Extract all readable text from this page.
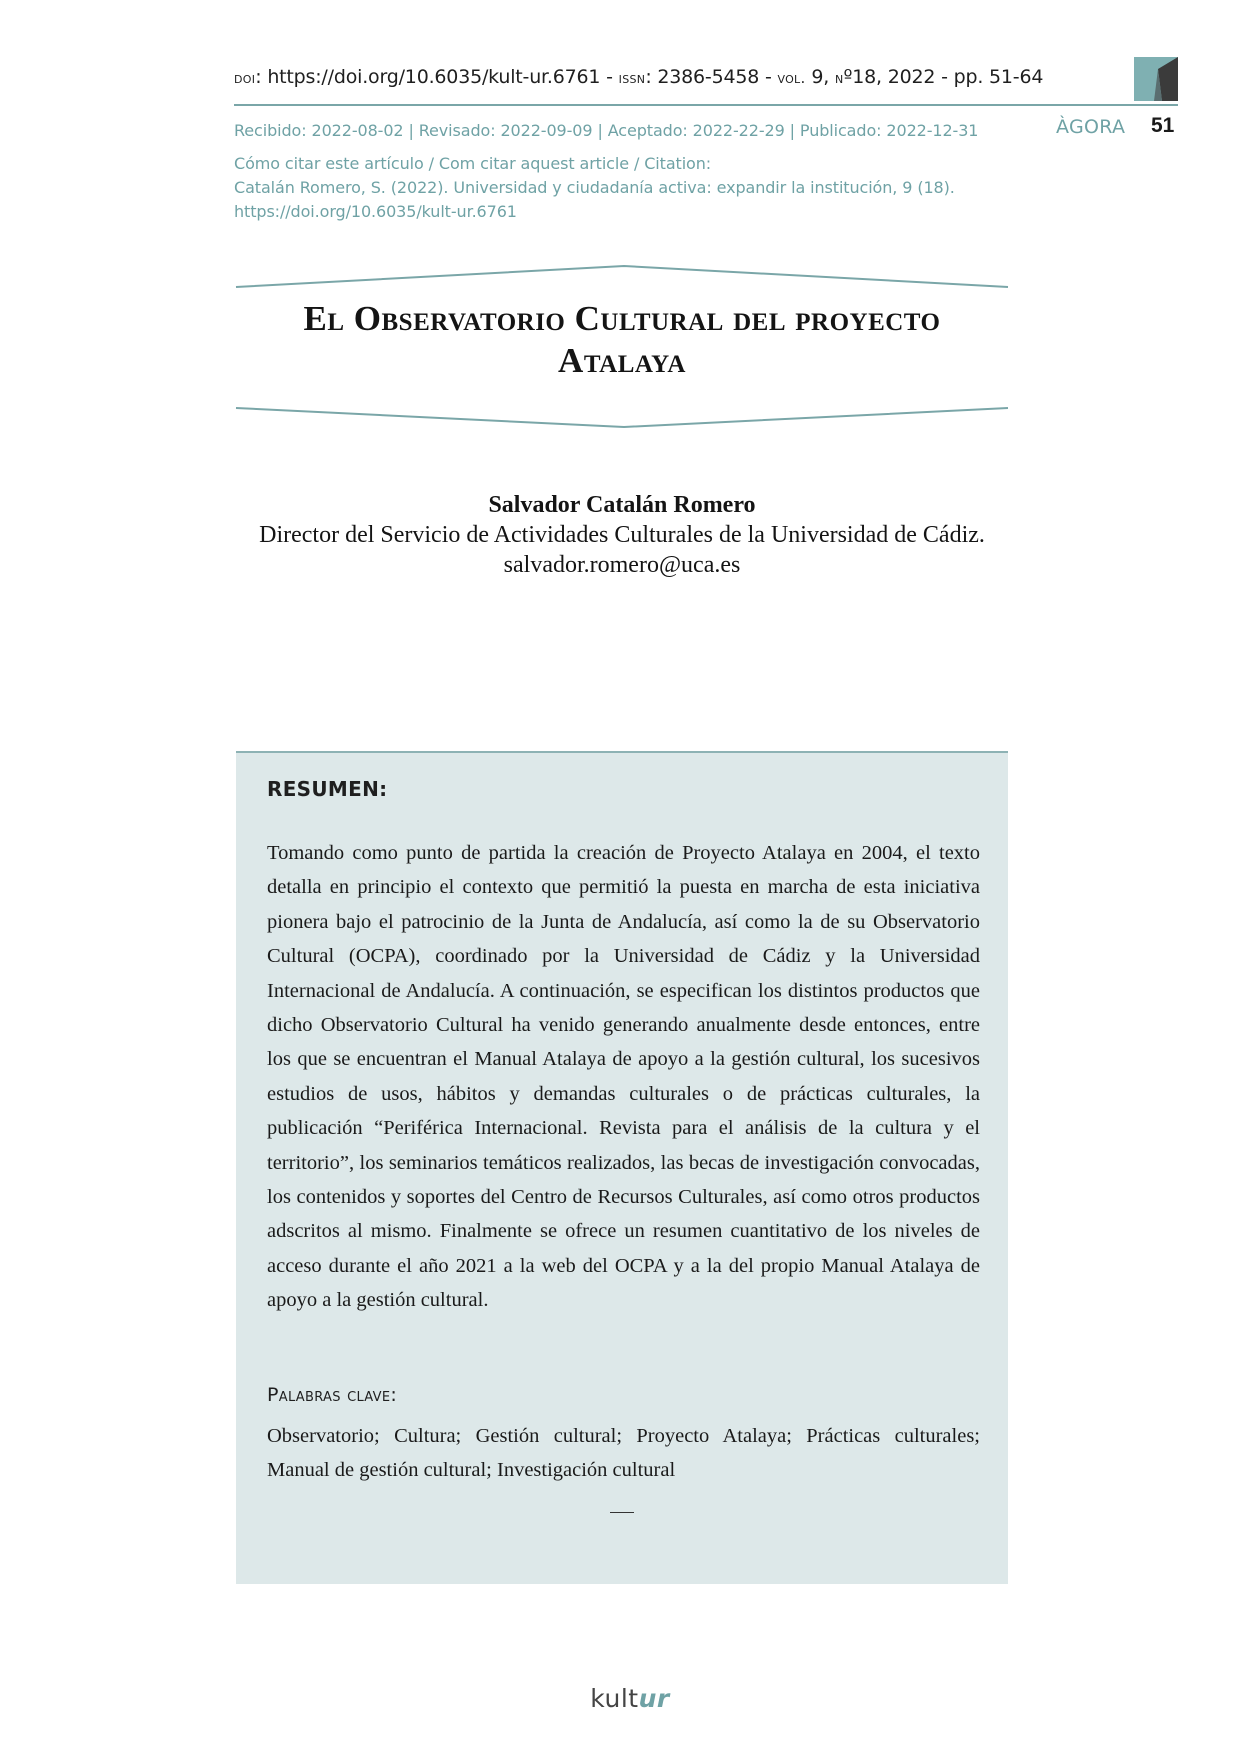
doi: https://doi.org/10.6035/kult-ur.6761 - issn: 2386-5458 - vol. 9, nº18, 2022 - pp. 51-64
ÀGORA 51
Recibido: 2022-08-02 | Revisado: 2022-09-09 | Aceptado: 2022-22-29 | Publicado: 2022-12-31
Cómo citar este artículo / Com citar aquest article / Citation:
Catalán Romero, S. (2022). Universidad y ciudadanía activa: expandir la institución, 9 (18). https://doi.org/10.6035/kult-ur.6761
El Observatorio Cultural del proyecto
Atalaya
Salvador Catalán Romero
Director del Servicio de Actividades Culturales de la Universidad de Cádiz.
salvador.romero@uca.es
RESUMEN:
Tomando como punto de partida la creación de Proyecto Atalaya en 2004, el texto detalla en principio el contexto que permitió la puesta en marcha de esta iniciativa pionera bajo el patrocinio de la Junta de Andalucía, así como la de su Observatorio Cultural (OCPA), coordinado por la Universidad de Cádiz y la Universidad Internacional de Andalucía. A continuación, se especifican los distintos productos que dicho Observatorio Cultural ha venido generando anualmente desde entonces, entre los que se encuentran el Manual Atalaya de apoyo a la gestión cultural, los sucesivos estudios de usos, hábitos y demandas culturales o de prácticas culturales, la publicación “Periférica Internacional. Revista para el análisis de la cultura y el territorio”, los seminarios temáticos realizados, las becas de investigación convocadas, los contenidos y soportes del Centro de Recursos Culturales, así como otros productos adscritos al mismo. Finalmente se ofrece un resumen cuantitativo de los niveles de acceso durante el año 2021 a la web del OCPA y a la del propio Manual Atalaya de apoyo a la gestión cultural.
Palabras clave:
Observatorio; Cultura; Gestión cultural; Proyecto Atalaya; Prácticas culturales; Manual de gestión cultural; Investigación cultural
kultur
